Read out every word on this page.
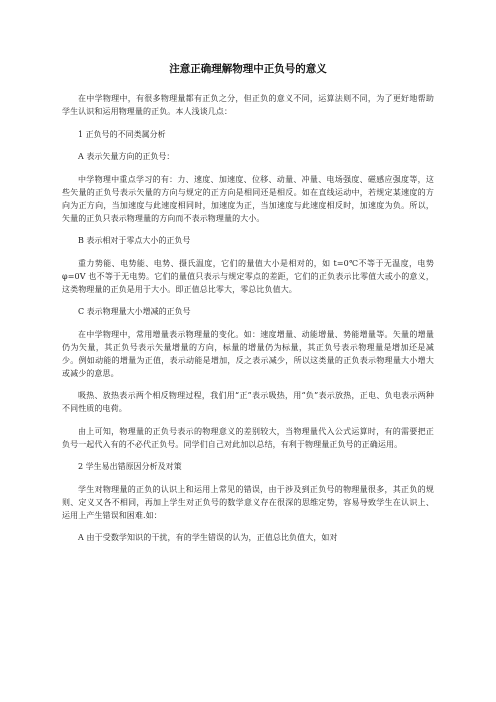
注意正确理解物理中正负号的意义

在中学物理中，有很多物理量都有正负之分，但正负的意义不同，运算法则不同，为了更好地帮助学生认识和运用物理量的正负。本人浅谈几点：

1 正负号的不同类属分析

A 表示矢量方向的正负号：

中学物理中重点学习的有：力、速度、加速度、位移、动量、冲量、电场强度、磁感应强度等，这些矢量的正负号表示矢量的方向与规定的正方向是相同还是相反。如在直线运动中，若规定某速度的方向为正方向，当加速度与此速度相同时，加速度为正，当加速度与此速度相反时，加速度为负。所以，矢量的正负只表示物理量的方向而不表示物理量的大小。

B 表示相对于零点大小的正负号

重力势能、电势能、电势、摄氏温度，它们的量值大小是相对的，如 t=0℃不等于无温度，电势 φ=0V 也不等于无电势。它们的量值只表示与规定零点的差距，它们的正负表示比零值大或小的意义，这类物理量的正负是用于大小。即正值总比零大，零总比负值大。

C 表示物理量大小增减的正负号

在中学物理中，常用增量表示物理量的变化。如：速度增量、动能增量、势能增量等。矢量的增量仍为矢量，其正负号表示矢量增量的方向，标量的增量仍为标量，其正负号表示物理量是增加还是减少。例如动能的增量为正值，表示动能是增加，反之表示减少，所以这类量的正负表示物理量大小增大或减少的意思。

吸热、放热表示两个相反物理过程，我们用“正”表示吸热，用“负”表示放热，正电、负电表示两种不同性质的电荷。

由上可知，物理量的正负号表示的物理意义的差别较大，当物理量代入公式运算时，有的需要把正负号一起代入有的不必代正负号。同学们自己对此加以总结，有利于物理量正负号的正确运用。

2 学生易出错原因分析及对策

学生对物理量的正负的认识上和运用上常见的错误，由于涉及到正负号的物理量很多，其正负的规则、定义又各不相同，再加上学生对正负号的数学意义存在很深的思维定势，容易导致学生在认识上、运用上产生错误和困难.如：

A 由于受数学知识的干扰，有的学生错误的认为，正值总比负值大，如对
